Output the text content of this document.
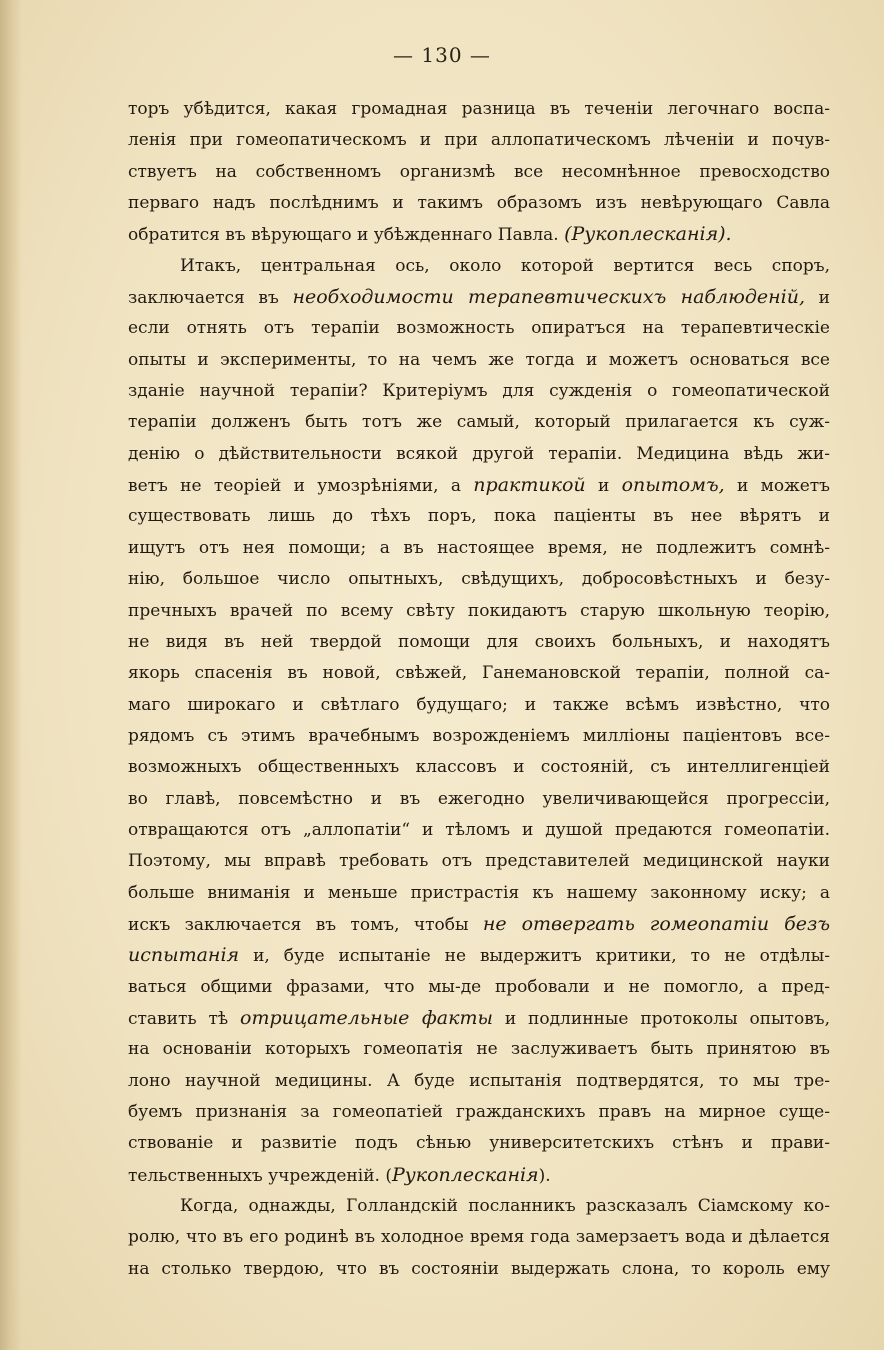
— 130 —
торъ убѣдится, какая громадная разница въ теченіи легочнаго воспа-
ленія при гомеопатическомъ и при аллопатическомъ лѣченіи и почув-
ствуетъ на собственномъ организмѣ все несомнѣнное превосходство
перваго надъ послѣднимъ и такимъ образомъ изъ невѣрующаго Савла
обратится въ вѣрующаго и убѣжденнаго Павла. (Рукоплесканія).
Итакъ, центральная ось, около которой вертится весь споръ,
заключается въ необходимости терапевтическихъ наблюденій, и
если отнять отъ терапіи возможность опиратъся на терапевтическіе
опыты и эксперименты, то на чемъ же тогда и можетъ основаться все
зданіе научной терапіи? Критеріумъ для сужденія о гомеопатической
терапіи долженъ быть тотъ же самый, который прилагается къ суж-
денію о дѣйствительности всякой другой терапіи. Медицина вѣдь жи-
ветъ не теоріей и умозрѣніями, а практикой и опытомъ, и можетъ
существовать лишь до тѣхъ поръ, пока паціенты въ нее вѣрятъ и
ищутъ отъ нея помощи; а въ настоящее время, не подлежитъ сомнѣ-
нію, большое число опытныхъ, свѣдущихъ, добросовѣстныхъ и безу-
пречныхъ врачей по всему свѣту покидаютъ старую школьную теорію,
не видя въ ней твердой помощи для своихъ больныхъ, и находятъ
якорь спасенія въ новой, свѣжей, Ганемановской терапіи, полной са-
маго широкаго и свѣтлаго будущаго; и также всѣмъ извѣстно, что
рядомъ съ этимъ врачебнымъ возрожденіемъ милліоны паціентовъ все-
возможныхъ общественныхъ классовъ и состояній, съ интеллигенціей
во главѣ, повсемѣстно и въ ежегодно увеличивающейся прогрессіи,
отвращаются отъ „аллопатіи“ и тѣломъ и душой предаются гомеопатіи.
Поэтому, мы вправѣ требовать отъ представителей медицинской науки
больше вниманія и меньше пристрастія къ нашему законному иску; а
искъ заключается въ томъ, чтобы не отвергать гомеопатіи безъ
испытанія и, буде испытаніе не выдержитъ критики, то не отдѣлы-
ваться общими фразами, что мы-де пробовали и не помогло, а пред-
ставить тѣ отрицательные факты и подлинные протоколы опытовъ,
на основаніи которыхъ гомеопатія не заслуживаетъ быть принятою въ
лоно научной медицины. А буде испытанія подтвердятся, то мы тре-
буемъ признанія за гомеопатіей гражданскихъ правъ на мирное суще-
ствованіе и развитіе подъ сѣнью университетскихъ стѣнъ и прави-
тельственныхъ учрежденій. (Рукоплесканія).
Когда, однажды, Голландскій посланникъ разсказалъ Сіамскому ко-
ролю, что въ его родинѣ въ холодное время года замерзаетъ вода и дѣлается
на столько твердою, что въ состояніи выдержать слона, то король ему
